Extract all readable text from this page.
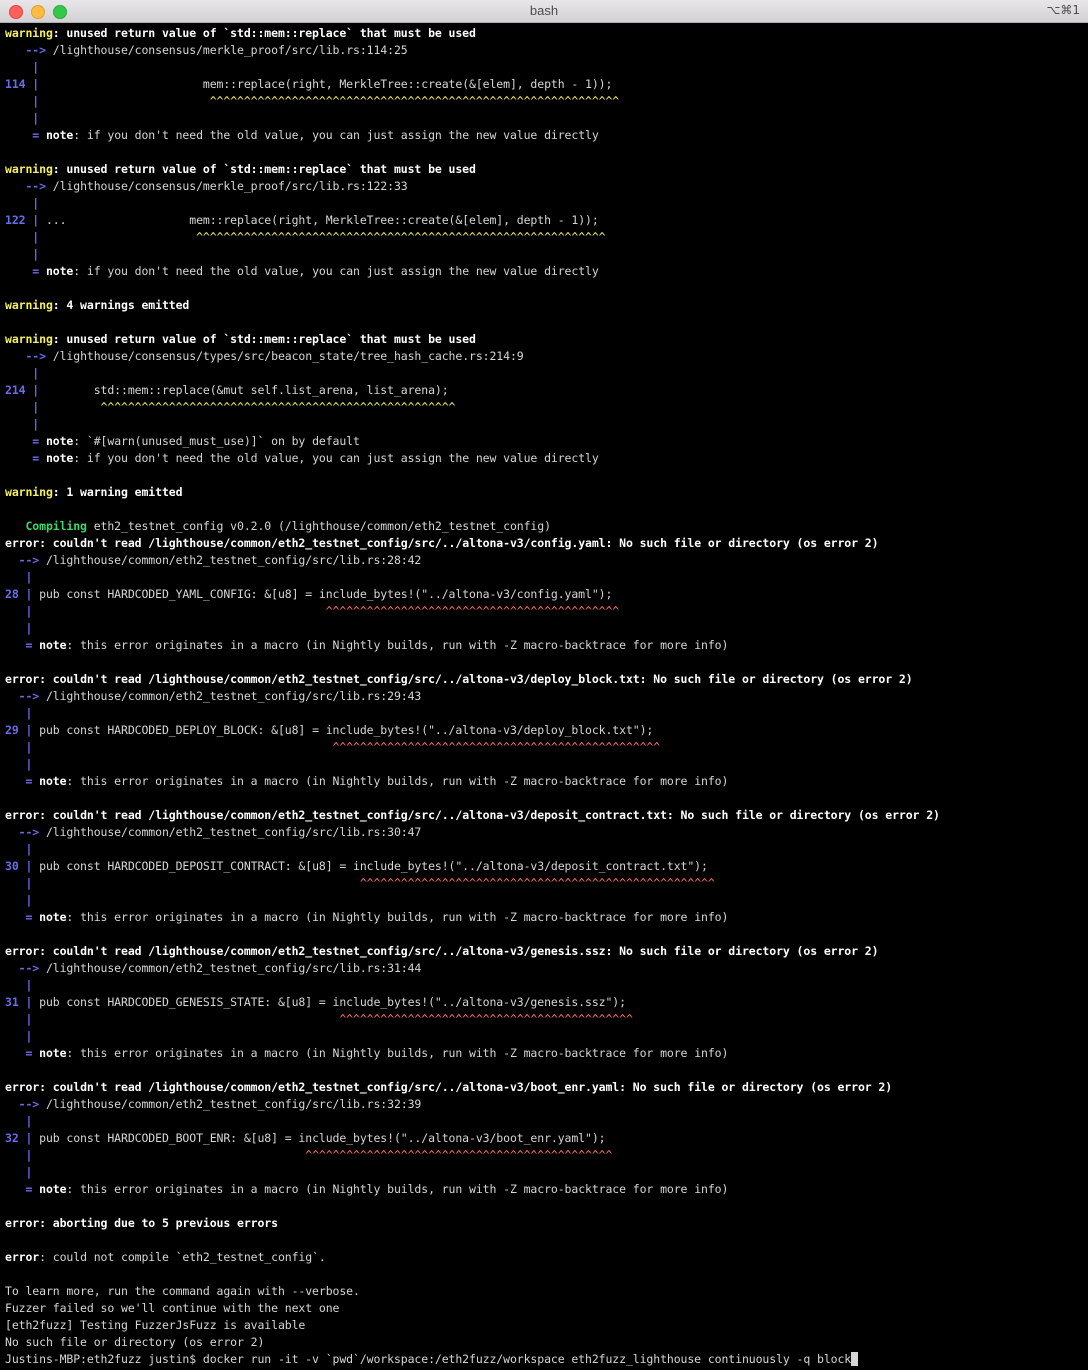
bash	⌥⌘1
warning: unused return value of `std::mem::replace` that must be used
--> /lighthouse/consensus/merkle_proof/src/lib.rs:114:25
|
114 |                        mem::replace(right, MerkleTree::create(&[elem], depth - 1));
|	^^^^^^^^^^^^^^^^^^^^^^^^^^^^^^^^^^^^^^^^^^^^^^^^^^^^^^^^^^^^
|
= note: if you don't need the old value, you can just assign the new value directly

warning: unused return value of `std::mem::replace` that must be used
--> /lighthouse/consensus/merkle_proof/src/lib.rs:122:33
|
122 | ...                  mem::replace(right, MerkleTree::create(&[elem], depth - 1));
|	^^^^^^^^^^^^^^^^^^^^^^^^^^^^^^^^^^^^^^^^^^^^^^^^^^^^^^^^^^^^
|
= note: if you don't need the old value, you can just assign the new value directly

warning: 4 warnings emitted

warning: unused return value of `std::mem::replace` that must be used
--> /lighthouse/consensus/types/src/beacon_state/tree_hash_cache.rs:214:9
|
214 |        std::mem::replace(&mut self.list_arena, list_arena);
|	^^^^^^^^^^^^^^^^^^^^^^^^^^^^^^^^^^^^^^^^^^^^^^^^^^^^
|
= note: `#[warn(unused_must_use)]` on by default
= note: if you don't need the old value, you can just assign the new value directly

warning: 1 warning emitted

Compiling eth2_testnet_config v0.2.0 (/lighthouse/common/eth2_testnet_config)
error: couldn't read /lighthouse/common/eth2_testnet_config/src/../altona-v3/config.yaml: No such file or directory (os error 2)
--> /lighthouse/common/eth2_testnet_config/src/lib.rs:28:42
|
28 | pub const HARDCODED_YAML_CONFIG: &[u8] = include_bytes!("../altona-v3/config.yaml");
|	^^^^^^^^^^^^^^^^^^^^^^^^^^^^^^^^^^^^^^^^^^^
|
= note: this error originates in a macro (in Nightly builds, run with -Z macro-backtrace for more info)

error: couldn't read /lighthouse/common/eth2_testnet_config/src/../altona-v3/deploy_block.txt: No such file or directory (os error 2)
--> /lighthouse/common/eth2_testnet_config/src/lib.rs:29:43
|
29 | pub const HARDCODED_DEPLOY_BLOCK: &[u8] = include_bytes!("../altona-v3/deploy_block.txt");
|	^^^^^^^^^^^^^^^^^^^^^^^^^^^^^^^^^^^^^^^^^^^^^^^^
|
= note: this error originates in a macro (in Nightly builds, run with -Z macro-backtrace for more info)

error: couldn't read /lighthouse/common/eth2_testnet_config/src/../altona-v3/deposit_contract.txt: No such file or directory (os error 2)
--> /lighthouse/common/eth2_testnet_config/src/lib.rs:30:47
|
30 | pub const HARDCODED_DEPOSIT_CONTRACT: &[u8] = include_bytes!("../altona-v3/deposit_contract.txt");
|	^^^^^^^^^^^^^^^^^^^^^^^^^^^^^^^^^^^^^^^^^^^^^^^^^^^^
|
= note: this error originates in a macro (in Nightly builds, run with -Z macro-backtrace for more info)

error: couldn't read /lighthouse/common/eth2_testnet_config/src/../altona-v3/genesis.ssz: No such file or directory (os error 2)
--> /lighthouse/common/eth2_testnet_config/src/lib.rs:31:44
|
31 | pub const HARDCODED_GENESIS_STATE: &[u8] = include_bytes!("../altona-v3/genesis.ssz");
|	^^^^^^^^^^^^^^^^^^^^^^^^^^^^^^^^^^^^^^^^^^^
|
= note: this error originates in a macro (in Nightly builds, run with -Z macro-backtrace for more info)

error: couldn't read /lighthouse/common/eth2_testnet_config/src/../altona-v3/boot_enr.yaml: No such file or directory (os error 2)
--> /lighthouse/common/eth2_testnet_config/src/lib.rs:32:39
|
32 | pub const HARDCODED_BOOT_ENR: &[u8] = include_bytes!("../altona-v3/boot_enr.yaml");
|	^^^^^^^^^^^^^^^^^^^^^^^^^^^^^^^^^^^^^^^^^^^^^
|
= note: this error originates in a macro (in Nightly builds, run with -Z macro-backtrace for more info)

error: aborting due to 5 previous errors

error: could not compile `eth2_testnet_config`.

To learn more, run the command again with --verbose.
Fuzzer failed so we'll continue with the next one
[eth2fuzz] Testing FuzzerJsFuzz is available
No such file or directory (os error 2)
Justins-MBP:eth2fuzz justin$ docker run -it -v `pwd`/workspace:/eth2fuzz/workspace eth2fuzz_lighthouse continuously -q block
